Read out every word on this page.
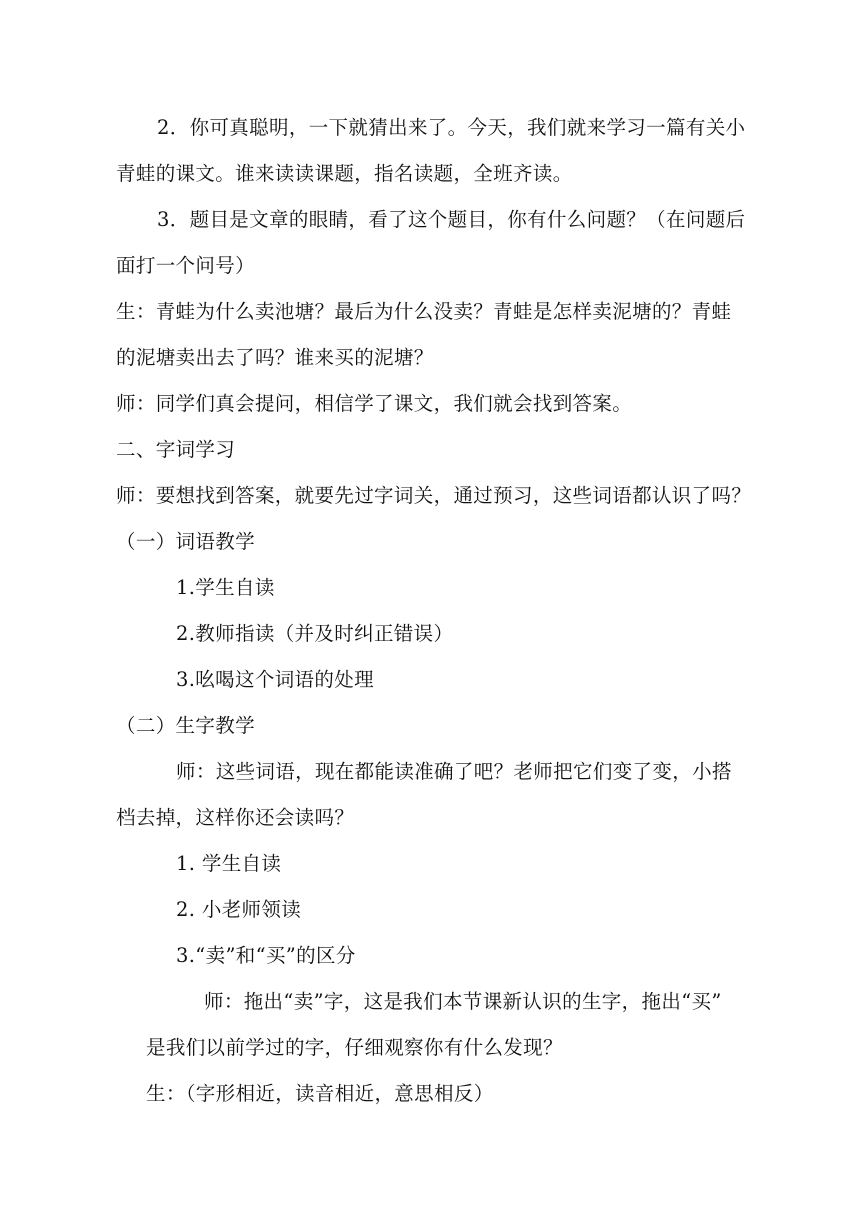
2．你可真聪明，一下就猜出来了。今天，我们就来学习一篇有关小
青蛙的课文。谁来读读课题，指名读题，全班齐读。
3．题目是文章的眼睛，看了这个题目，你有什么问题？（在问题后
面打一个问号）
生：青蛙为什么卖池塘？最后为什么没卖？青蛙是怎样卖泥塘的？青蛙
的泥塘卖出去了吗？谁来买的泥塘？
师：同学们真会提问，相信学了课文，我们就会找到答案。
二、字词学习
师：要想找到答案，就要先过字词关，通过预习，这些词语都认识了吗？
（一）词语教学
1.学生自读
2.教师指读（并及时纠正错误）
3.吆喝这个词语的处理
（二）生字教学
师：这些词语，现在都能读准确了吧？老师把它们变了变，小搭
档去掉，这样你还会读吗？
1. 学生自读
2. 小老师领读
3.“卖”和“买”的区分
师：拖出“卖”字，这是我们本节课新认识的生字，拖出“买”
是我们以前学过的字，仔细观察你有什么发现？
生：（字形相近，读音相近，意思相反）
